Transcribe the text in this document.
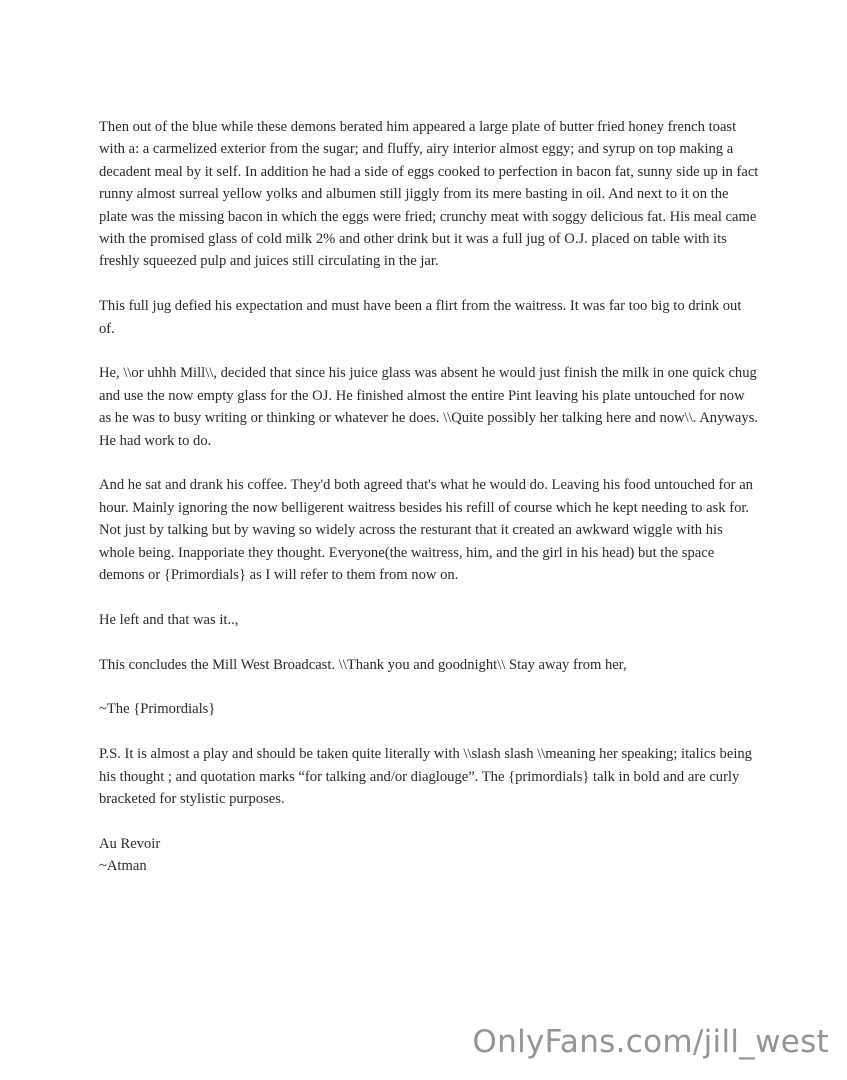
Then out of the blue while these demons berated him appeared a large plate of butter fried honey french toast with a: a carmelized exterior from the sugar; and fluffy, airy interior almost eggy; and syrup on top making a decadent meal by it self. In addition he had a side of eggs cooked to perfection in bacon fat, sunny side up in fact runny almost surreal yellow yolks and albumen still jiggly from its mere basting in oil. And next to it on the plate was the missing bacon in which the eggs were fried; crunchy meat with soggy delicious fat. His meal came with the promised glass of cold milk 2% and other drink but it was a full jug of O.J. placed on table with its freshly squeezed pulp and juices still circulating in the jar.

This full jug defied his expectation and must have been a flirt from the waitress. It was far too big to drink out of.

He, \\or uhhh Mill\\, decided that since his juice glass was absent he would just finish the milk in one quick chug and use the now empty glass for the OJ. He finished almost the entire Pint leaving his plate untouched for now as he was to busy writing or thinking or whatever he does. \\Quite possibly her talking here and now\\. Anyways. He had work to do.

And he sat and drank his coffee. They'd both agreed that's what he would do. Leaving his food untouched for an hour. Mainly ignoring the now belligerent waitress besides his refill of course which he kept needing to ask for. Not just by talking but by waving so widely across the resturant that it created an awkward wiggle with his whole being. Inapporiate they thought. Everyone(the waitress, him, and the girl in his head) but the space demons or {Primordials} as I will refer to them from now on.

He left and that was it..,

This concludes the Mill West Broadcast. \\Thank you and goodnight\\ Stay away from her,

~The {Primordials}

P.S. It is almost a play and should be taken quite literally with \\slash slash \\meaning her speaking; italics being his thought ; and quotation marks “for talking and/or diaglouge”. The {primordials} talk in bold and are curly bracketed for stylistic purposes.

Au Revoir

~Atman

OnlyFans.com/jill_west
